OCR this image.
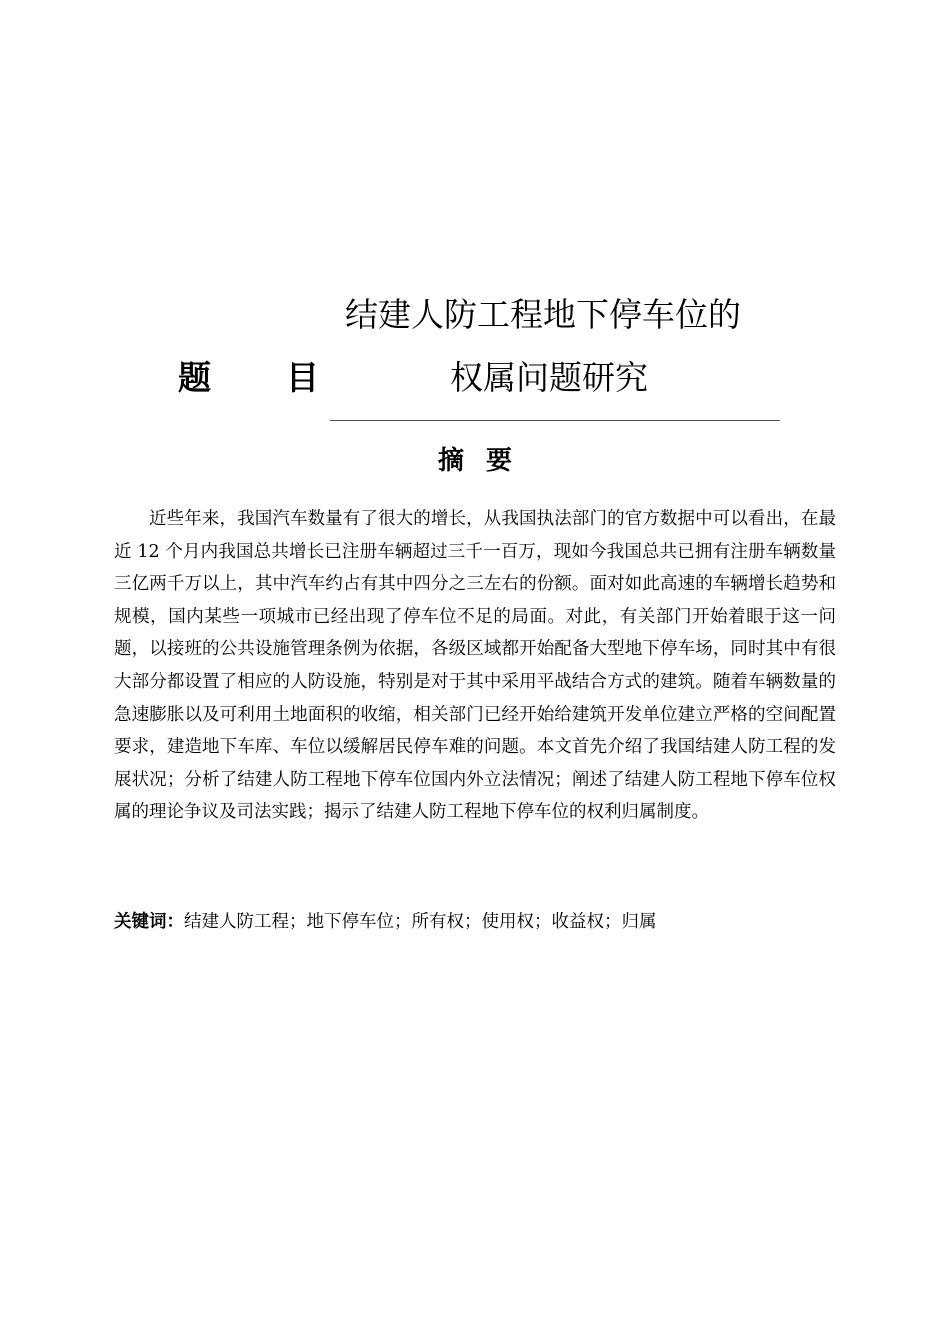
题 目
结建人防工程地下停车位的
权属问题研究
摘要

近些年来，我国汽车数量有了很大的增长，从我国执法部门的官方数据中可以看出，在最近 12 个月内我国总共增长已注册车辆超过三千一百万，现如今我国总共已拥有注册车辆数量三亿两千万以上，其中汽车约占有其中四分之三左右的份额。面对如此高速的车辆增长趋势和规模，国内某些一项城市已经出现了停车位不足的局面。对此，有关部门开始着眼于这一问题，以接班的公共设施管理条例为依据，各级区域都开始配备大型地下停车场，同时其中有很大部分都设置了相应的人防设施，特别是对于其中采用平战结合方式的建筑。随着车辆数量的急速膨胀以及可利用土地面积的收缩，相关部门已经开始给建筑开发单位建立严格的空间配置要求，建造地下车库、车位以缓解居民停车难的问题。本文首先介绍了我国结建人防工程的发展状况；分析了结建人防工程地下停车位国内外立法情况；阐述了结建人防工程地下停车位权属的理论争议及司法实践；揭示了结建人防工程地下停车位的权利归属制度。

关键词：结建人防工程；地下停车位；所有权；使用权；收益权；归属
